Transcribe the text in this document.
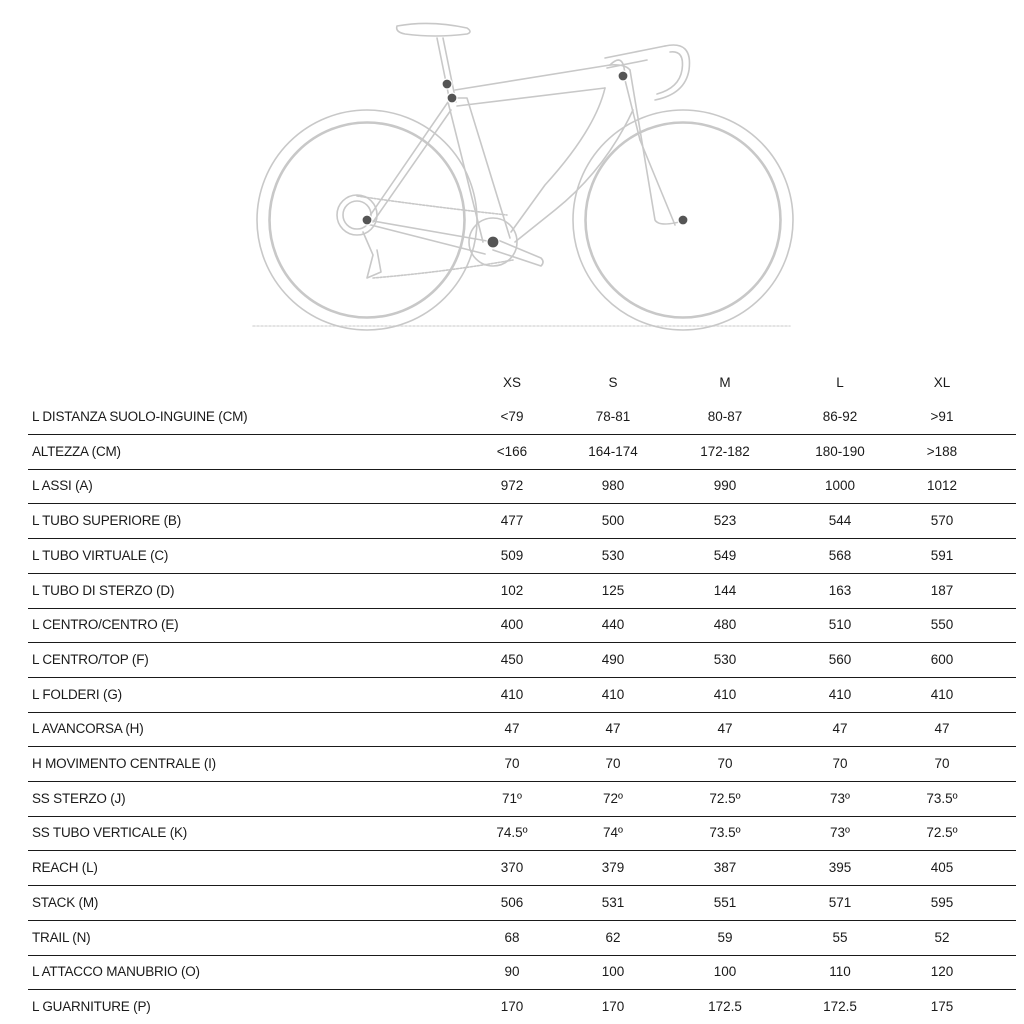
XS	S	M	L	XL
L DISTANZA SUOLO-INGUINE (CM)	<79	78-81	80-87	86-92	>91
ALTEZZA (CM)	<166	164-174	172-182	180-190	>188
L ASSI (A)	972	980	990	1000	1012
L TUBO SUPERIORE (B)	477	500	523	544	570
L TUBO VIRTUALE (C)	509	530	549	568	591
L TUBO DI STERZO (D)	102	125	144	163	187
L CENTRO/CENTRO (E)	400	440	480	510	550
L CENTRO/TOP (F)	450	490	530	560	600
L FOLDERI (G)	410	410	410	410	410
L AVANCORSA (H)	47	47	47	47	47
H MOVIMENTO CENTRALE (I)	70	70	70	70	70
SS STERZO (J)	71º	72º	72.5º	73º	73.5º
SS TUBO VERTICALE (K)	74.5º	74º	73.5º	73º	72.5º
REACH (L)	370	379	387	395	405
STACK (M)	506	531	551	571	595
TRAIL (N)	68	62	59	55	52
L ATTACCO MANUBRIO (O)	90	100	100	110	120
L GUARNITURE (P)	170	170	172.5	172.5	175
